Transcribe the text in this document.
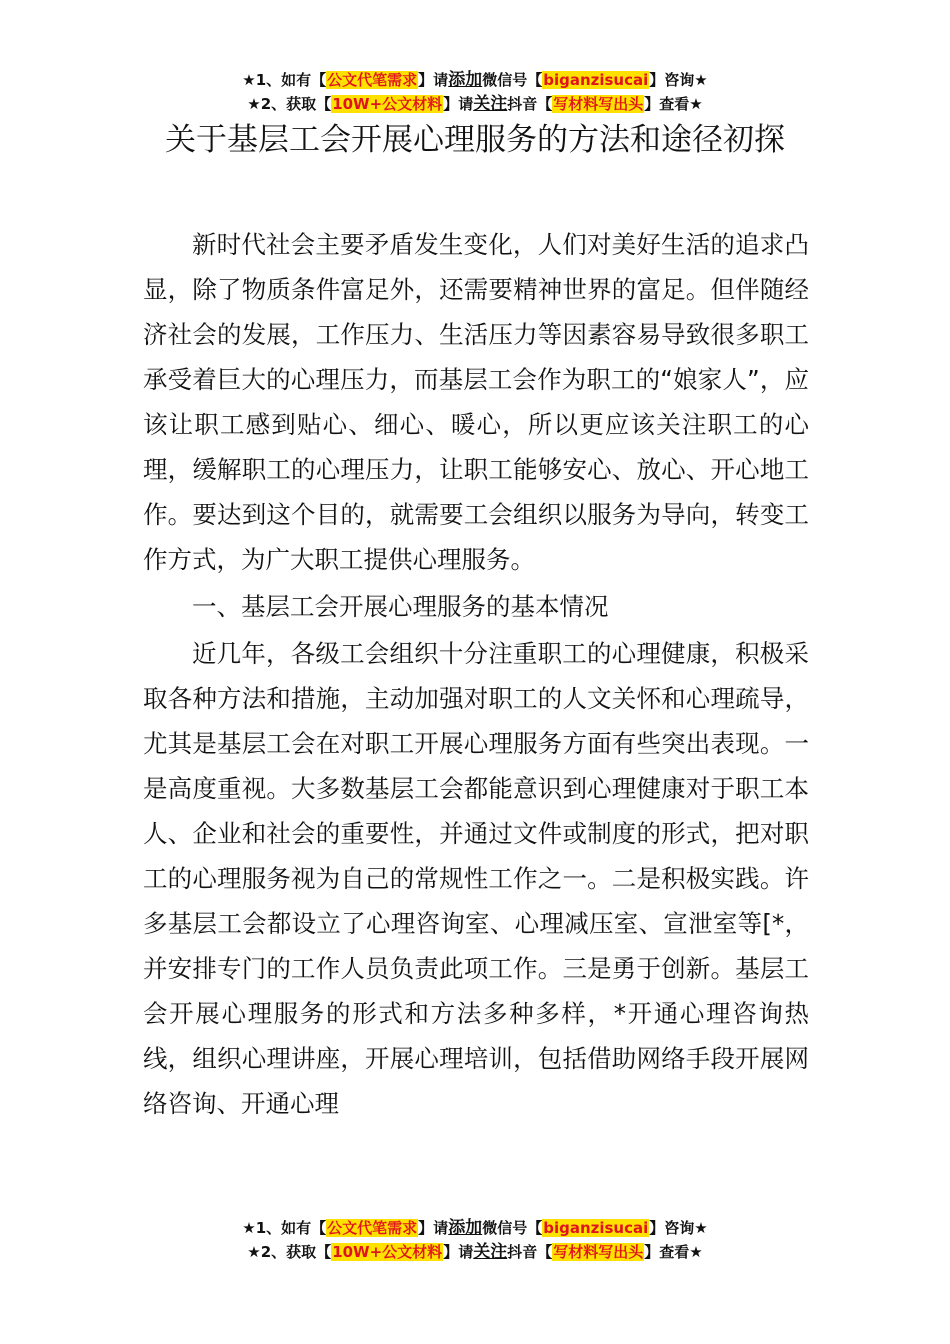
★1、如有【公文代笔需求】请添加微信号【biganzisucai】咨询★
★2、获取【10W+公文材料】请关注抖音【写材料写出头】查看★
关于基层工会开展心理服务的方法和途径初探

新时代社会主要矛盾发生变化，人们对美好生活的追求凸显，除了物质条件富足外，还需要精神世界的富足。但伴随经济社会的发展，工作压力、生活压力等因素容易导致很多职工承受着巨大的心理压力，而基层工会作为职工的“娘家人”，应该让职工感到贴心、细心、暖心，所以更应该关注职工的心理，缓解职工的心理压力，让职工能够安心、放心、开心地工作。要达到这个目的，就需要工会组织以服务为导向，转变工作方式，为广大职工提供心理服务。

一、基层工会开展心理服务的基本情况

近几年，各级工会组织十分注重职工的心理健康，积极采取各种方法和措施，主动加强对职工的人文关怀和心理疏导，尤其是基层工会在对职工开展心理服务方面有些突出表现。一是高度重视。大多数基层工会都能意识到心理健康对于职工本人、企业和社会的重要性，并通过文件或制度的形式，把对职工的心理服务视为自己的常规性工作之一。二是积极实践。许多基层工会都设立了心理咨询室、心理减压室、宣泄室等[*，并安排专门的工作人员负责此项工作。三是勇于创新。基层工会开展心理服务的形式和方法多种多样，*开通心理咨询热线，组织心理讲座，开展心理培训，包括借助网络手段开展网络咨询、开通心理

★1、如有【公文代笔需求】请添加微信号【biganzisucai】咨询★
★2、获取【10W+公文材料】请关注抖音【写材料写出头】查看★
